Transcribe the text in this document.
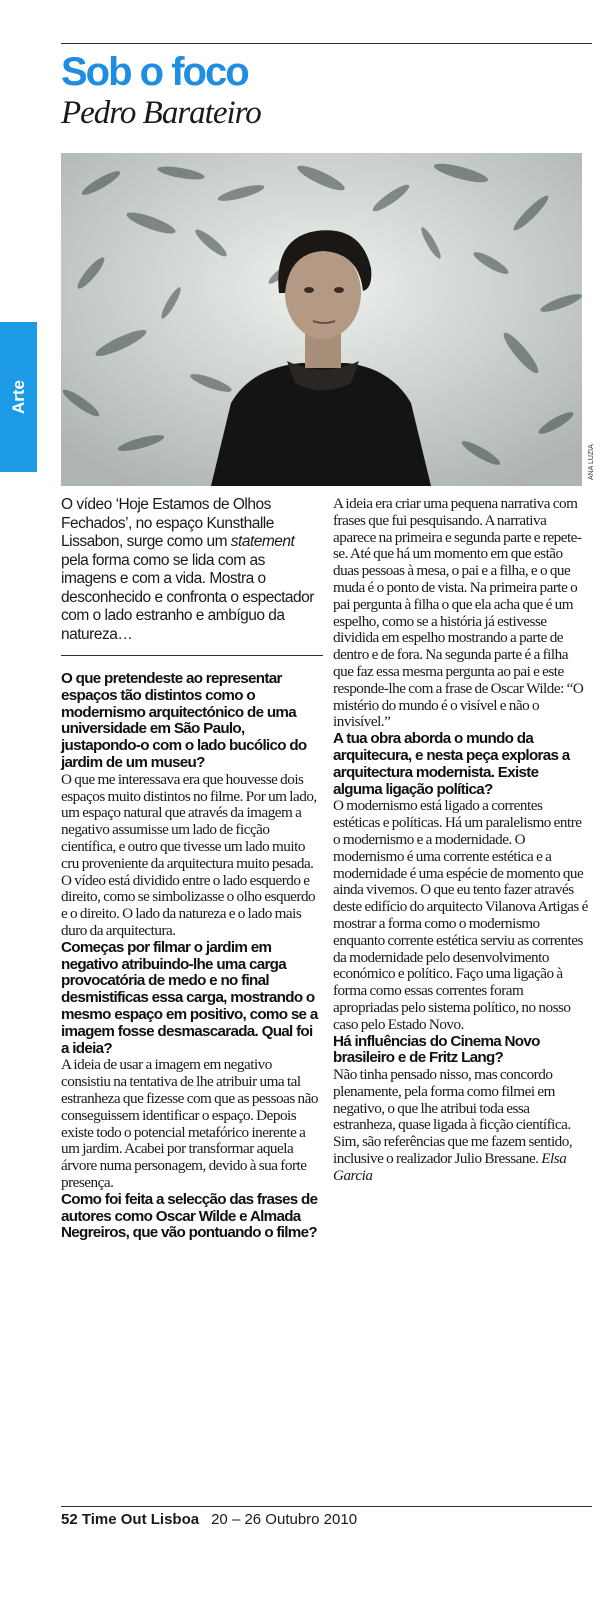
Sob o foco
Pedro Barateiro
Arte
ANA LUZIA

O vídeo ‘Hoje Estamos de Olhos Fechados’, no espaço Kunsthalle Lissabon, surge como um statement pela forma como se lida com as imagens e com a vida. Mostra o desconhecido e confronta o espectador com o lado estranho e ambíguo da natureza…

O que pretendeste ao representar espaços tão distintos como o modernismo arquitectónico de uma universidade em São Paulo, justapondo-o com o lado bucólico do jardim de um museu?

O que me interessava era que houvesse dois espaços muito distintos no filme. Por um lado, um espaço natural que através da imagem a negativo assumisse um lado de ficção científica, e outro que tivesse um lado muito cru proveniente da arquitectura muito pesada. O vídeo está dividido entre o lado esquerdo e direito, como se simbolizasse o olho esquerdo e o direito. O lado da natureza e o lado mais duro da arquitectura.

Começas por filmar o jardim em negativo atribuindo-lhe uma carga provocatória de medo e no final desmistificas essa carga, mostrando o mesmo espaço em positivo, como se a imagem fosse desmascarada. Qual foi a ideia?

A ideia de usar a imagem em negativo consistiu na tentativa de lhe atribuir uma tal estranheza que fizesse com que as pessoas não conseguissem identificar o espaço. Depois existe todo o potencial metafórico inerente a um jardim. Acabei por transformar aquela árvore numa personagem, devido à sua forte presença.

Como foi feita a selecção das frases de autores como Oscar Wilde e Almada Negreiros, que vão pontuando o filme?

A ideia era criar uma pequena narrativa com frases que fui pesquisando. A narrativa aparece na primeira e segunda parte e repete-se. Até que há um momento em que estão duas pessoas à mesa, o pai e a filha, e o que muda é o ponto de vista. Na primeira parte o pai pergunta à filha o que ela acha que é um espelho, como se a história já estivesse dividida em espelho mostrando a parte de dentro e de fora. Na segunda parte é a filha que faz essa mesma pergunta ao pai e este responde-lhe com a frase de Oscar Wilde: “O mistério do mundo é o visível e não o invisível.”

A tua obra aborda o mundo da arquitecura, e nesta peça exploras a arquitectura modernista. Existe alguma ligação política?

O modernismo está ligado a correntes estéticas e políticas. Há um paralelismo entre o modernismo e a modernidade. O modernismo é uma corrente estética e a modernidade é uma espécie de momento que ainda vivemos. O que eu tento fazer através deste edifício do arquitecto Vilanova Artigas é mostrar a forma como o modernismo enquanto corrente estética serviu as correntes da modernidade pelo desenvolvimento económico e político. Faço uma ligação à forma como essas correntes foram apropriadas pelo sistema político, no nosso caso pelo Estado Novo.

Há influências do Cinema Novo brasileiro e de Fritz Lang?

Não tinha pensado nisso, mas concordo plenamente, pela forma como filmei em negativo, o que lhe atribui toda essa estranheza, quase ligada à ficção científica. Sim, são referências que me fazem sentido, inclusive o realizador Julio Bressane. Elsa Garcia

52 Time Out Lisboa 20 – 26 Outubro 2010
